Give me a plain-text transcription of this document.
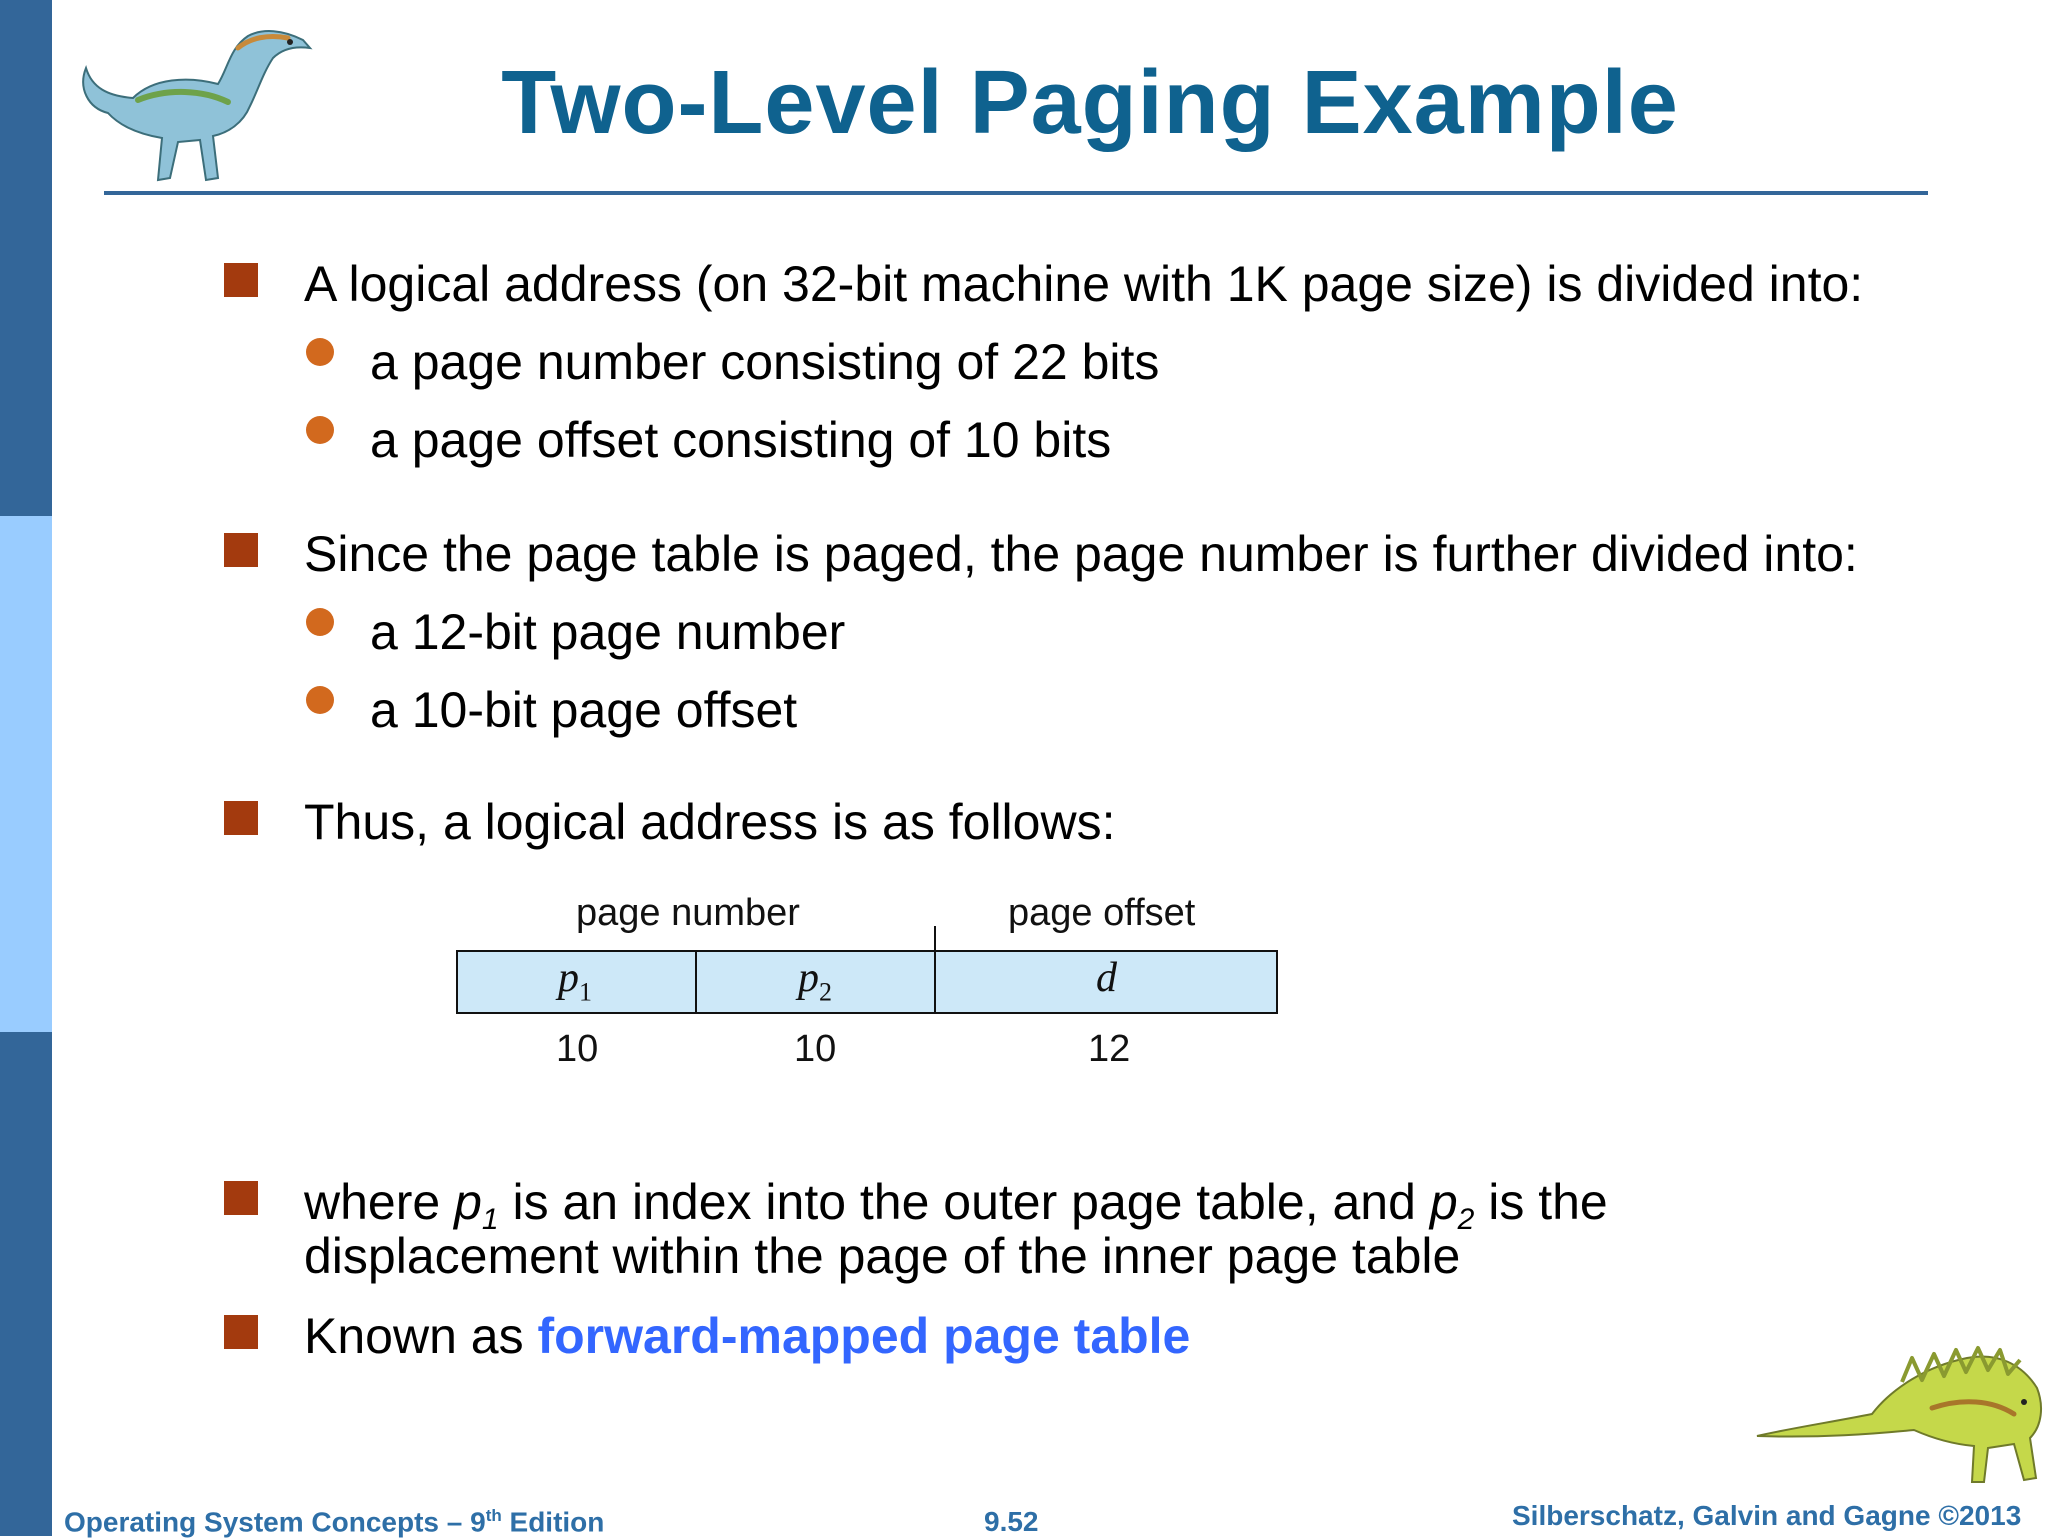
Two-Level Paging Example
A logical address (on 32-bit machine with 1K page size) is divided into:
a page number consisting of 22 bits
a page offset consisting of 10 bits
Since the page table is paged, the page number is further divided into:
a 12-bit page number
a 10-bit page offset
Thus, a logical address is as follows:
page number	page offset
$p_1$	$p_2$	d
10	10	12
where $p_1$ is an index into the outer page table, and $p_2$ is the
displacement within the page of the inner page table
Known as forward-mapped page table
Operating System Concepts – 9th Edition	9.52	Silberschatz, Galvin and Gagne ©2013
